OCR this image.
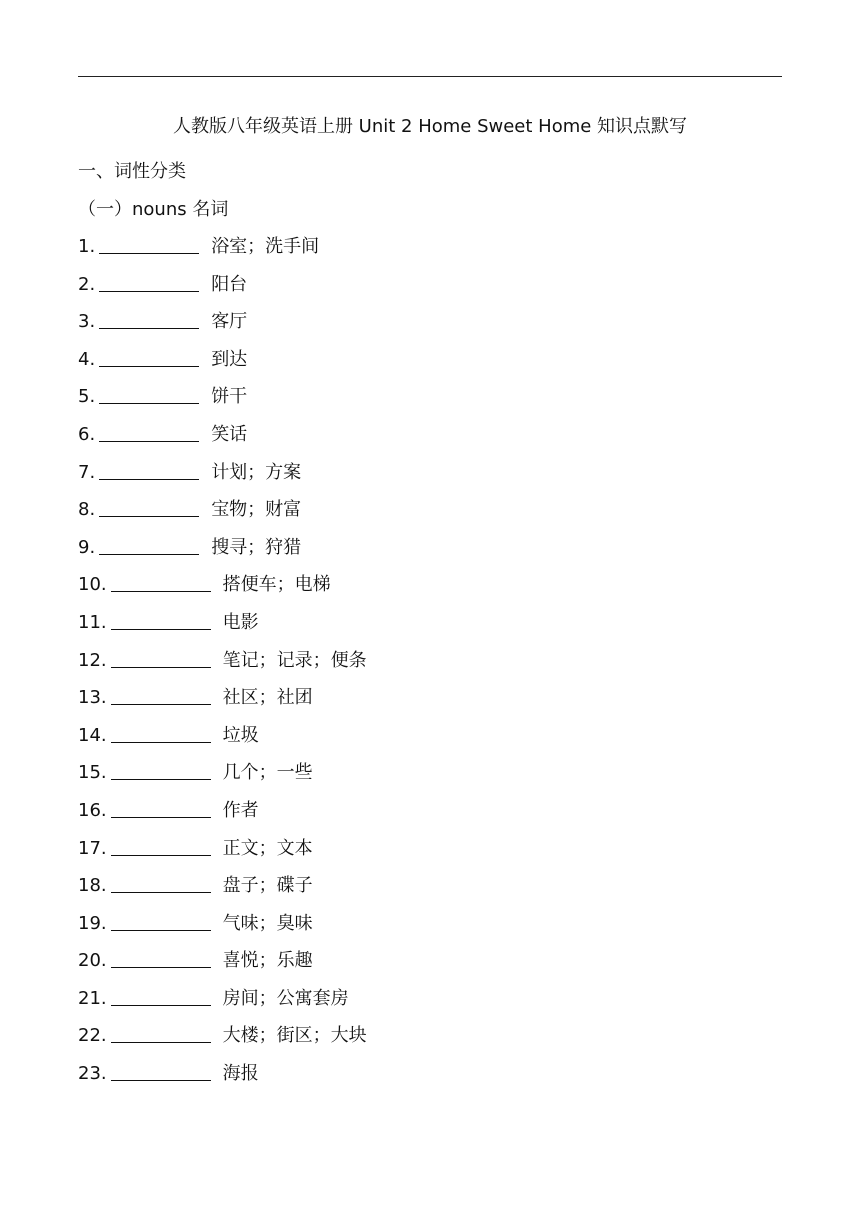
人教版八年级英语上册 Unit 2 Home Sweet Home 知识点默写
一、词性分类
（一）nouns 名词
1.	浴室；洗手间
2.	阳台
3.	客厅
4.	到达
5.	饼干
6.	笑话
7.	计划；方案
8.	宝物；财富
9.	搜寻；狩猎
10.	搭便车；电梯
11.	电影
12.	笔记；记录；便条
13.	社区；社团
14.	垃圾
15.	几个；一些
16.	作者
17.	正文；文本
18.	盘子；碟子
19.	气味；臭味
20.	喜悦；乐趣
21.	房间；公寓套房
22.	大楼；街区；大块
23.	海报
